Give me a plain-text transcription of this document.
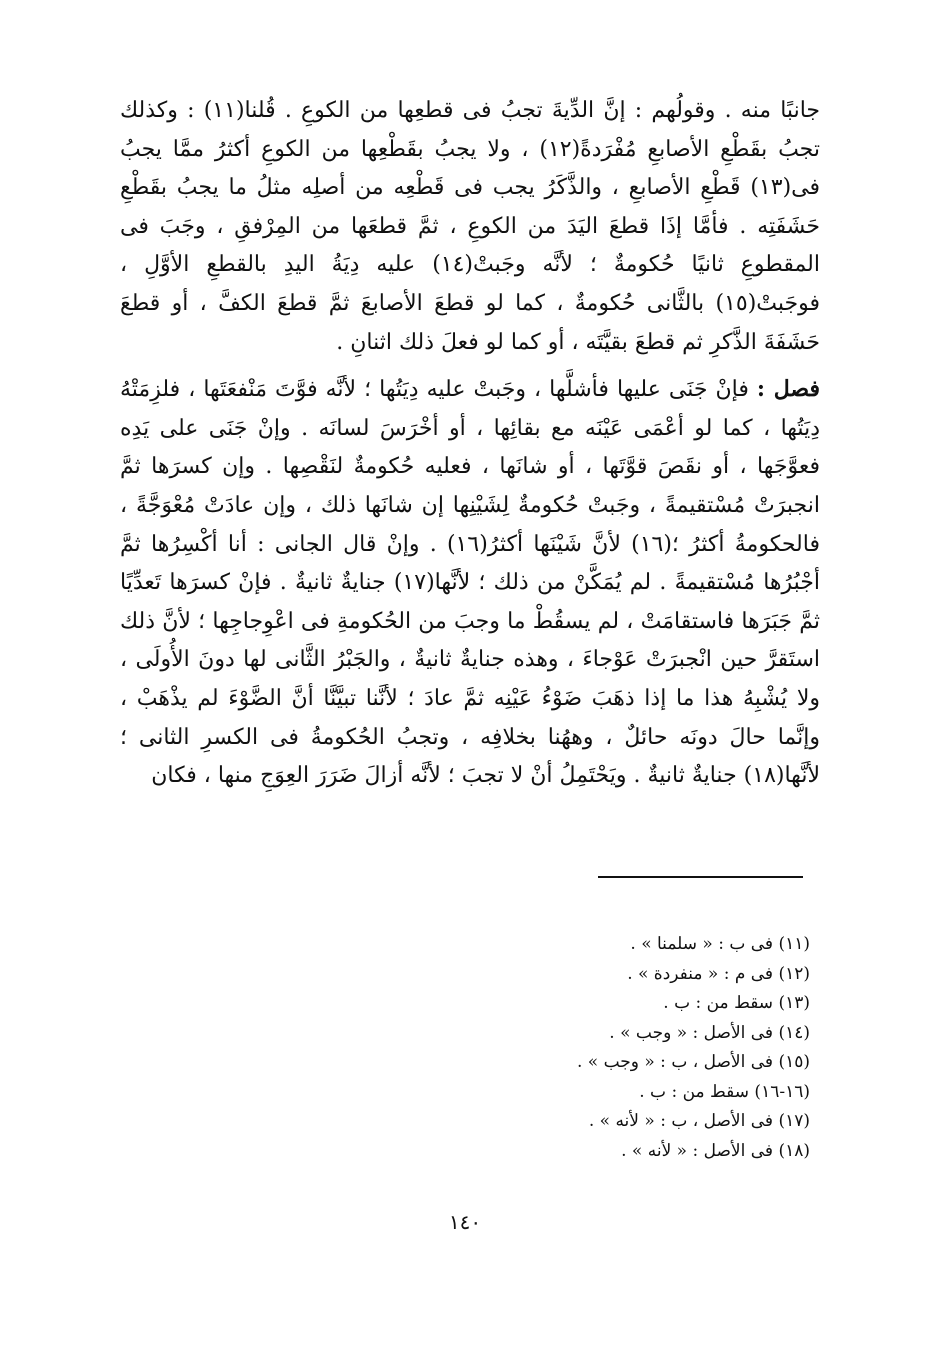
جانبًا منه . وقولُهم : إنَّ الدِّيةَ تجبُ فى قطعِها من الكوعِ . قُلنا(١١) : وكذلك تجبُ بقَطْعِ الأصابعِ مُفْرَدةً(١٢) ، ولا يجبُ بقَطْعِها من الكوعِ أكثرُ ممَّا يجبُ فى(١٣) قَطْعِ الأصابعِ ، والذَّكَرُ يجب فى قَطْعِه من أصلِه مثلُ ما يجبُ بقَطْعِ حَشَفَتِه . فأمَّا إذَا قطعَ اليَدَ من الكوعِ ، ثمَّ قطعَها من المِرْفقِ ، وجَبَ فى المقطوعِ ثانيًا حُكومةٌ ؛ لأنَّه وجَبتْ(١٤) عليه دِيَةُ اليدِ بالقطعِ الأوَّلِ ، فوجَبتْ(١٥) بالثَّانى حُكومةٌ ، كما لو قطعَ الأصابعَ ثمَّ قطعَ الكفَّ ، أو قطعَ حَشَفَةَ الذَّكرِ ثم قطعَ بقيَّتَه ، أو كما لو فعلَ ذلك اثنانِ .

فصل : فإنْ جَنَى عليها فأشلَّها ، وجَبتْ عليه دِيَتُها ؛ لأنَّه فوَّتَ مَنْفعَتَها ، فلزِمَتْهُ دِيَتُها ، كما لو أعْمَى عَيْنَه مع بقائِها ، أو أخْرَسَ لسانَه . وإنْ جَنَى على يَدِه فعوَّجَها ، أو نقَصَ قوَّتَها ، أو شانَها ، فعليه حُكومةٌ لنَقْصِها . وإن كسرَها ثمَّ انجبرَتْ مُسْتقيمةً ، وجَبتْ حُكومةٌ لِشَيْنِها إن شانَها ذلك ، وإن عادَتْ مُعْوَجَّةً ، فالحكومةُ أكثرُ ؛(١٦) لأنَّ شَيْنَها أكثرُ(١٦) . وإنْ قال الجانى : أنا أكْسِرُها ثمَّ أجْبُرُها مُسْتقيمةً . لم يُمَكَّنْ من ذلك ؛ لأنَّها(١٧) جنايةٌ ثانيةٌ . فإنْ كسرَها تَعدِّيًا ثمَّ جَبَرَها فاستقامَتْ ، لم يسقُطْ ما وجبَ من الحُكومةِ فى اعْوِجاجِها ؛ لأنَّ ذلك استَقرَّ حين انْجبرَتْ عَوْجاءَ ، وهذه جنايةٌ ثانيةٌ ، والجَبْرُ الثَّانى لها دونَ الأُولَى ، ولا يُشْبِهُ هذا ما إذا ذهَبَ ضَوْءُ عَيْنِه ثمَّ عادَ ؛ لأنَّنا تبيَّنَّا أنَّ الضَّوْءَ لم يذْهَبْ ، وإنَّما حالَ دونَه حائلٌ ، وههُنا بخلافِه ، وتجبُ الحُكومةُ فى الكسرِ الثانى ؛ لأنَّها(١٨) جنايةٌ ثانيةٌ . ويَحْتَمِلُ أنْ لا تجبَ ؛ لأنَّه أزالَ ضَرَرَ العِوَجِ منها ، فكان

(١١) فى ب : « سلمنا » .
(١٢) فى م : « منفردة » .
(١٣) سقط من : ب .
(١٤) فى الأصل : « وجب » .
(١٥) فى الأصل ، ب : « وجب » .
(١٦-١٦) سقط من : ب .
(١٧) فى الأصل ، ب : « لأنه » .
(١٨) فى الأصل : « لأنه » .
١٤٠
